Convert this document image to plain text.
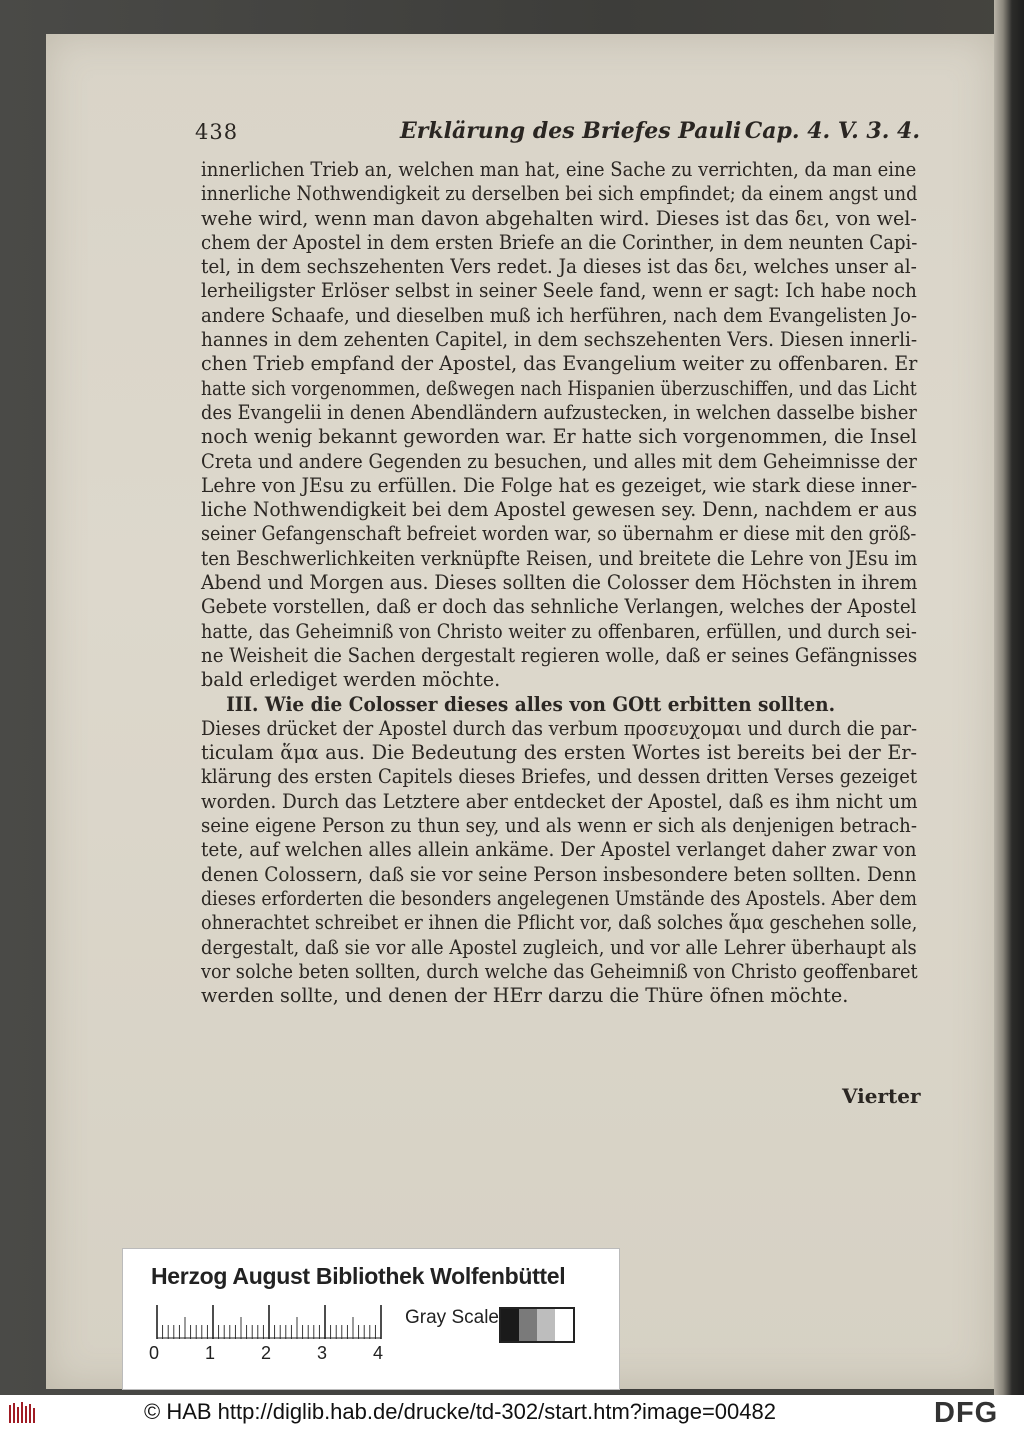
438	Erklärung des Briefes Pauli Cap. 4. V. 3. 4.
innerlichen Trieb an, welchen man hat, eine Sache zu verrichten, da man eine
innerliche Nothwendigkeit zu derselben bei sich empfindet; da einem angst und
wehe wird, wenn man davon abgehalten wird. Dieses ist das δει, von wel-
chem der Apostel in dem ersten Briefe an die Corinther, in dem neunten Capi-
tel, in dem sechszehenten Vers redet. Ja dieses ist das δει, welches unser al-
lerheiligster Erlöser selbst in seiner Seele fand, wenn er sagt: Ich habe noch
andere Schaafe, und dieselben muß ich herführen, nach dem Evangelisten Jo-
hannes in dem zehenten Capitel, in dem sechszehenten Vers. Diesen innerli-
chen Trieb empfand der Apostel, das Evangelium weiter zu offenbaren. Er
hatte sich vorgenommen, deßwegen nach Hispanien überzuschiffen, und das Licht
des Evangelii in denen Abendländern aufzustecken, in welchen dasselbe bisher
noch wenig bekannt geworden war. Er hatte sich vorgenommen, die Insel
Creta und andere Gegenden zu besuchen, und alles mit dem Geheimnisse der
Lehre von JEsu zu erfüllen. Die Folge hat es gezeiget, wie stark diese inner-
liche Nothwendigkeit bei dem Apostel gewesen sey. Denn, nachdem er aus
seiner Gefangenschaft befreiet worden war, so übernahm er diese mit den größ-
ten Beschwerlichkeiten verknüpfte Reisen, und breitete die Lehre von JEsu im
Abend und Morgen aus. Dieses sollten die Colosser dem Höchsten in ihrem
Gebete vorstellen, daß er doch das sehnliche Verlangen, welches der Apostel
hatte, das Geheimniß von Christo weiter zu offenbaren, erfüllen, und durch sei-
ne Weisheit die Sachen dergestalt regieren wolle, daß er seines Gefängnisses
bald erlediget werden möchte.
III. Wie die Colosser dieses alles von GOtt erbitten sollten.
Dieses drücket der Apostel durch das verbum προσευχομαι und durch die par-
ticulam ἅμα aus. Die Bedeutung des ersten Wortes ist bereits bei der Er-
klärung des ersten Capitels dieses Briefes, und dessen dritten Verses gezeiget
worden. Durch das Letztere aber entdecket der Apostel, daß es ihm nicht um
seine eigene Person zu thun sey, und als wenn er sich als denjenigen betrach-
tete, auf welchen alles allein ankäme. Der Apostel verlanget daher zwar von
denen Colossern, daß sie vor seine Person insbesondere beten sollten. Denn
dieses erforderten die besonders angelegenen Umstände des Apostels. Aber dem
ohnerachtet schreibet er ihnen die Pflicht vor, daß solches ἅμα geschehen solle,
dergestalt, daß sie vor alle Apostel zugleich, und vor alle Lehrer überhaupt als
vor solche beten sollten, durch welche das Geheimniß von Christo geoffenbaret
werden sollte, und denen der HErr darzu die Thüre öfnen möchte.
Vierter
Herzog August Bibliothek Wolfenbüttel
0	1	2	3	4
Gray Scale
© HAB http://diglib.hab.de/drucke/td-302/start.htm?image=00482	DFG
